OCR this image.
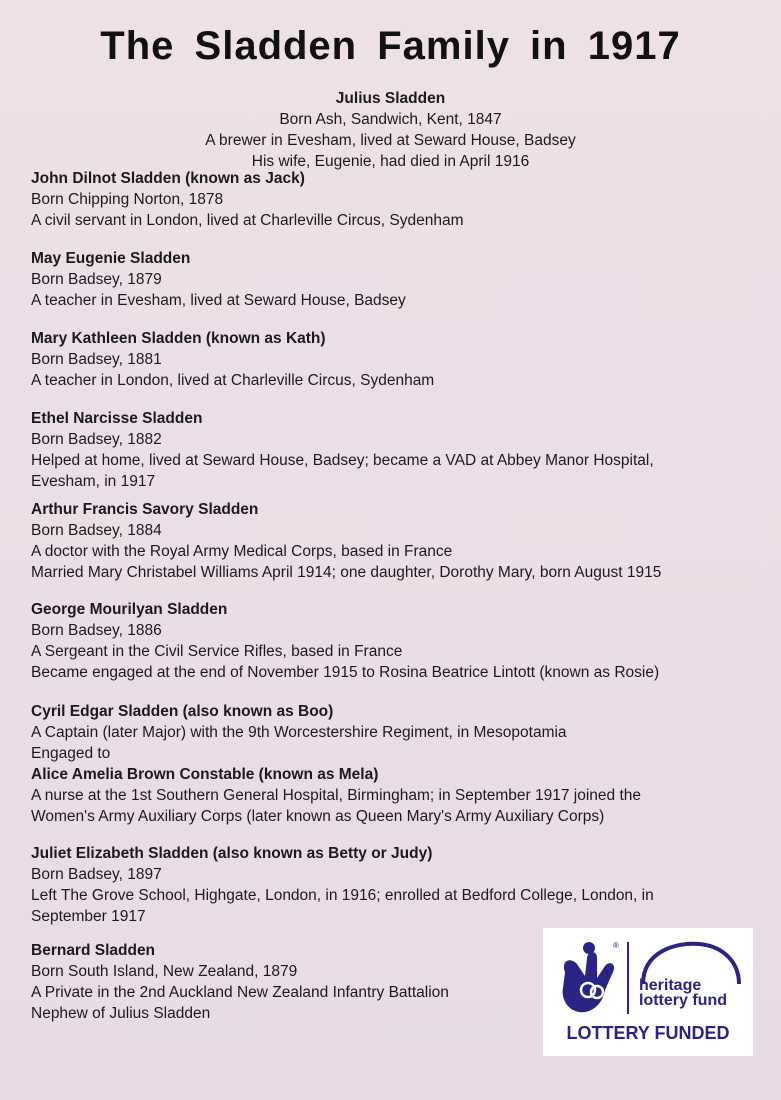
The Sladden Family in 1917
Julius Sladden
Born Ash, Sandwich, Kent, 1847
A brewer in Evesham, lived at Seward House, Badsey
His wife, Eugenie, had died in April 1916
John Dilnot Sladden (known as Jack)
Born Chipping Norton, 1878
A civil servant in London, lived at Charleville Circus, Sydenham
May Eugenie Sladden
Born Badsey, 1879
A teacher in Evesham, lived at Seward House, Badsey
Mary Kathleen Sladden (known as Kath)
Born Badsey, 1881
A teacher in London, lived at Charleville Circus, Sydenham
Ethel Narcisse Sladden
Born Badsey, 1882
Helped at home, lived at Seward House, Badsey; became a VAD at Abbey Manor Hospital,
Evesham, in 1917
Arthur Francis Savory Sladden
Born Badsey, 1884
A doctor with the Royal Army Medical Corps, based in France
Married Mary Christabel Williams April 1914; one daughter, Dorothy Mary, born August 1915
George Mourilyan Sladden
Born Badsey, 1886
A Sergeant in the Civil Service Rifles, based in France
Became engaged at the end of November 1915 to Rosina Beatrice Lintott (known as Rosie)
Cyril Edgar Sladden (also known as Boo)
A Captain (later Major) with the 9th Worcestershire Regiment, in Mesopotamia
Engaged to
Alice Amelia Brown Constable (known as Mela)
A nurse at the 1st Southern General Hospital, Birmingham; in September 1917 joined the
Women's Army Auxiliary Corps (later known as Queen Mary's Army Auxiliary Corps)
Juliet Elizabeth Sladden (also known as Betty or Judy)
Born Badsey, 1897
Left The Grove School, Highgate, London, in 1916; enrolled at Bedford College, London, in
September 1917
Bernard Sladden
Born South Island, New Zealand, 1879
A Private in the 2nd Auckland New Zealand Infantry Battalion
Nephew of Julius Sladden
®
heritage
lottery fund
LOTTERY FUNDED
